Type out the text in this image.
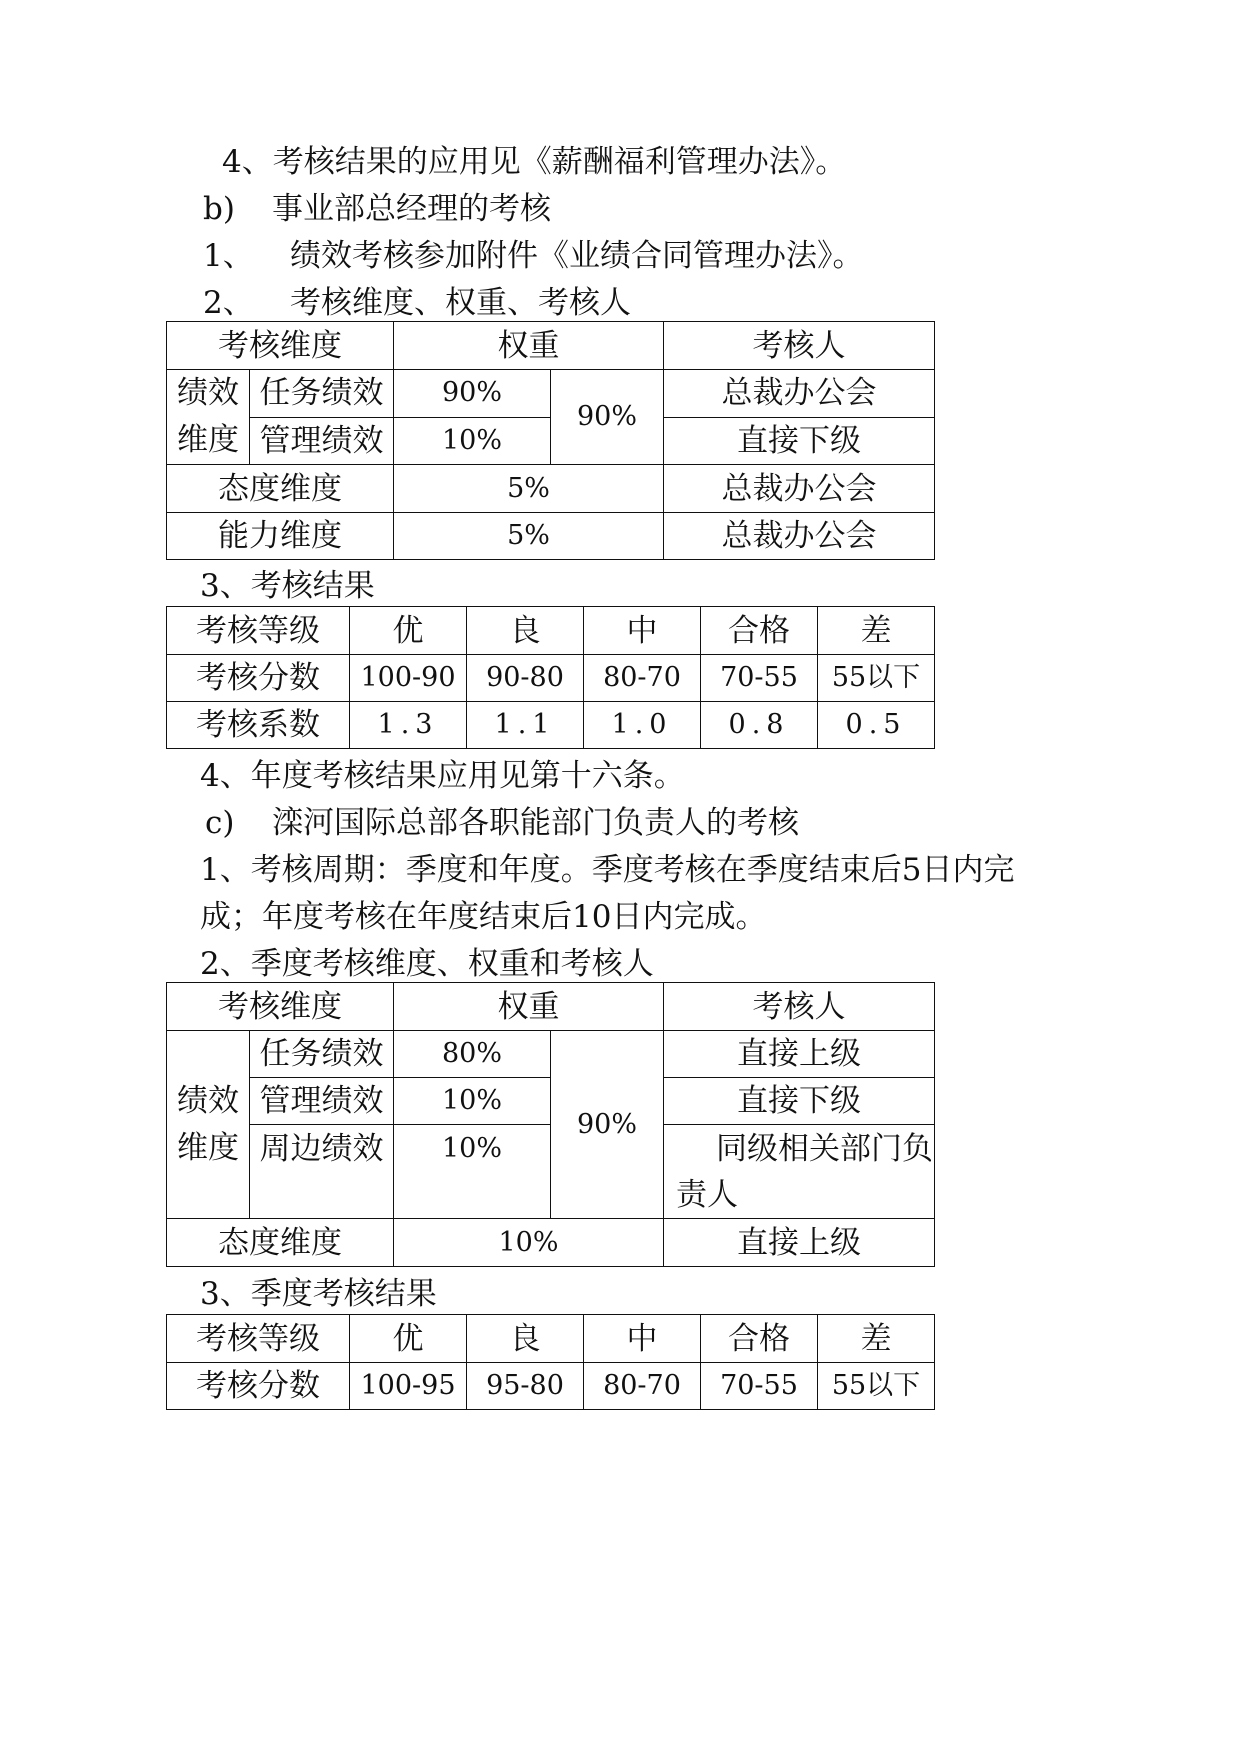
4、考核结果的应用见《薪酬福利管理办法》。
b) 事业部总经理的考核
1、 绩效考核参加附件《业绩合同管理办法》。
2、 考核维度、权重、考核人
考核维度		权重		考核人

绩效维度	任务绩效	90%	90%	总裁办公会
	管理绩效	10%		直接下级
态度维度		5%		总裁办公会
能力维度		5%		总裁办公会
3、考核结果
考核等级	优	良	中	合格	差
考核分数	100-90	90-80	80-70	70-55	55以下
考核系数	1.3	1.1	1.0	0.8	0.5
4、年度考核结果应用见第十六条。
c) 滦河国际总部各职能部门负责人的考核
1、考核周期：季度和年度。季度考核在季度结束后5日内完
成；年度考核在年度结束后10日内完成。
2、季度考核维度、权重和考核人
考核维度		权重		考核人

绩效维度	任务绩效	80%	90%	直接上级
	管理绩效	10%		直接下级
	周边绩效	10%		同级相关部门负责人
态度维度		10%		直接上级
3、季度考核结果
考核等级	优	良	中	合格	差
考核分数	100-95	95-80	80-70	70-55	55以下
